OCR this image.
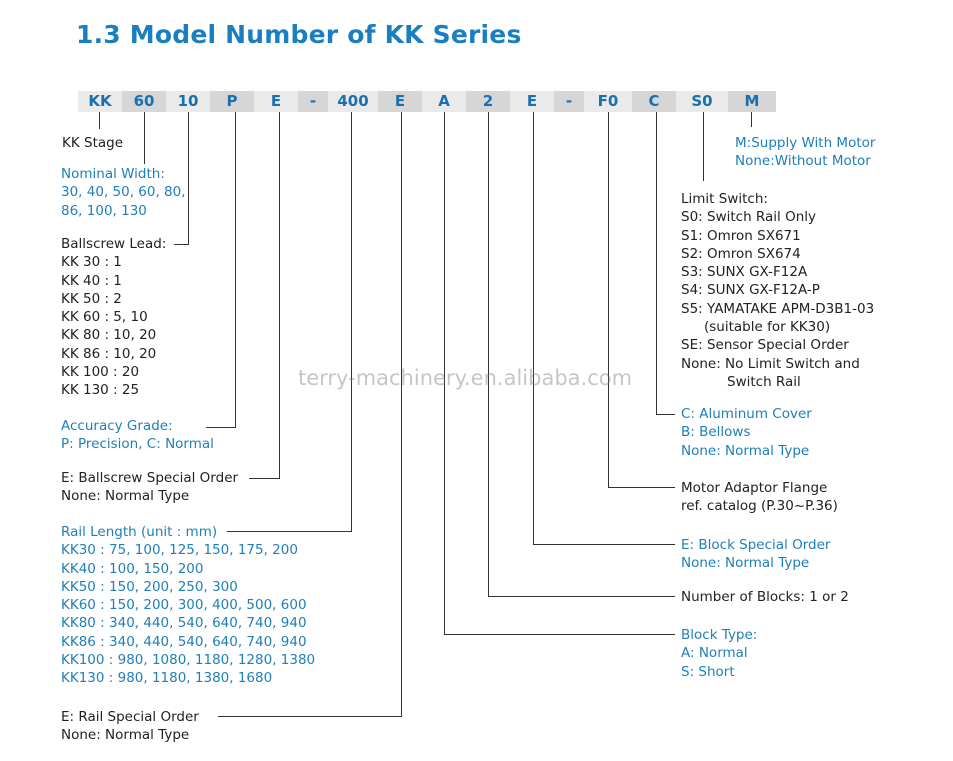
1.3 Model Number of KK Series
KK	60	10	P	E	-	400	E	A	2	E	-	F0	C	S0	M
KK Stage
Nominal Width:
30, 40, 50, 60, 80,
86, 100, 130
Ballscrew Lead:
KK 30 : 1
KK 40 : 1
KK 50 : 2
KK 60 : 5, 10
KK 80 : 10, 20
KK 86 : 10, 20
KK 100 : 20
KK 130 : 25
Accuracy Grade:
P: Precision, C: Normal
E: Ballscrew Special Order
None: Normal Type
Rail Length (unit : mm)
KK30 : 75, 100, 125, 150, 175, 200
KK40 : 100, 150, 200
KK50 : 150, 200, 250, 300
KK60 : 150, 200, 300, 400, 500, 600
KK80 : 340, 440, 540, 640, 740, 940
KK86 : 340, 440, 540, 640, 740, 940
KK100 : 980, 1080, 1180, 1280, 1380
KK130 : 980, 1180, 1380, 1680
E: Rail Special Order
None: Normal Type
M:Supply With Motor
None:Without Motor
Limit Switch:
S0: Switch Rail Only
S1: Omron SX671
S2: Omron SX674
S3: SUNX GX-F12A
S4: SUNX GX-F12A-P
S5: YAMATAKE APM-D3B1-03
(suitable for KK30)
SE: Sensor Special Order
None: No Limit Switch and
Switch Rail
C: Aluminum Cover
B: Bellows
None: Normal Type
Motor Adaptor Flange
ref. catalog (P.30~P.36)
E: Block Special Order
None: Normal Type
Number of Blocks: 1 or 2
Block Type:
A: Normal
S: Short
terry-machinery.en.alibaba.com
